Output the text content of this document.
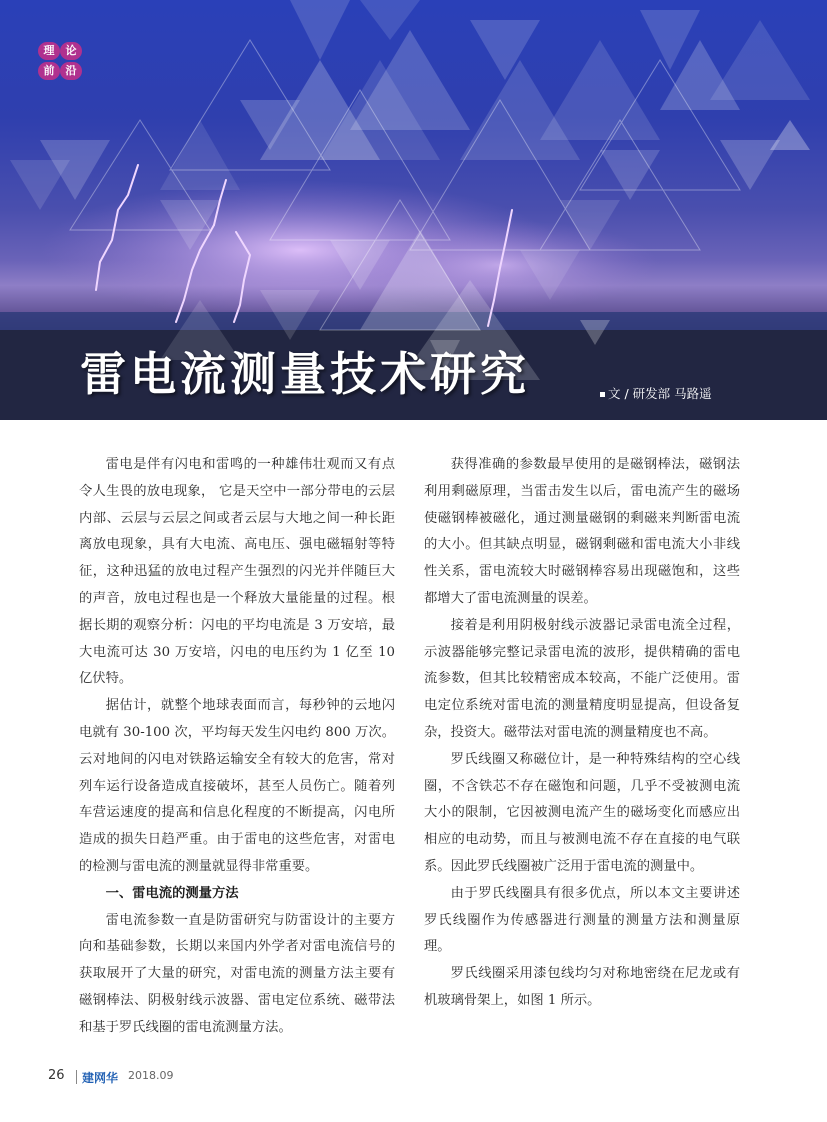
理	论
前	沿
雷电流测量技术研究	文 / 研发部 马路遥

雷电是伴有闪电和雷鸣的一种雄伟壮观而又有点令人生畏的放电现象， 它是天空中一部分带电的云层内部、云层与云层之间或者云层与大地之间一种长距离放电现象，具有大电流、高电压、强电磁辐射等特征，这种迅猛的放电过程产生强烈的闪光并伴随巨大的声音，放电过程也是一个释放大量能量的过程。根据长期的观察分析：闪电的平均电流是 3 万安培，最大电流可达 30 万安培，闪电的电压约为 1 亿至 10 亿伏特。

据估计，就整个地球表面而言，每秒钟的云地闪电就有 30-100 次，平均每天发生闪电约 800 万次。云对地间的闪电对铁路运输安全有较大的危害，常对列车运行设备造成直接破坏，甚至人员伤亡。随着列车营运速度的提高和信息化程度的不断提高，闪电所造成的损失日趋严重。由于雷电的这些危害，对雷电的检测与雷电流的测量就显得非常重要。

一、雷电流的测量方法

雷电流参数一直是防雷研究与防雷设计的主要方向和基础参数，长期以来国内外学者对雷电流信号的获取展开了大量的研究，对雷电流的测量方法主要有磁钢棒法、阴极射线示波器、雷电定位系统、磁带法和基于罗氏线圈的雷电流测量方法。

获得准确的参数最早使用的是磁钢棒法，磁钢法利用剩磁原理，当雷击发生以后，雷电流产生的磁场使磁钢棒被磁化，通过测量磁钢的剩磁来判断雷电流的大小。但其缺点明显，磁钢剩磁和雷电流大小非线性关系，雷电流较大时磁钢棒容易出现磁饱和，这些都增大了雷电流测量的误差。

接着是利用阴极射线示波器记录雷电流全过程，示波器能够完整记录雷电流的波形，提供精确的雷电流参数，但其比较精密成本较高，不能广泛使用。雷电定位系统对雷电流的测量精度明显提高，但设备复杂，投资大。磁带法对雷电流的测量精度也不高。

罗氏线圈又称磁位计，是一种特殊结构的空心线圈，不含铁芯不存在磁饱和问题，几乎不受被测电流大小的限制，它因被测电流产生的磁场变化而感应出相应的电动势，而且与被测电流不存在直接的电气联系。因此罗氏线圈被广泛用于雷电流的测量中。

由于罗氏线圈具有很多优点，所以本文主要讲述罗氏线圈作为传感器进行测量的测量方法和测量原理。

罗氏线圈采用漆包线均匀对称地密绕在尼龙或有机玻璃骨架上，如图 1 所示。

26 建网华 2018.09
